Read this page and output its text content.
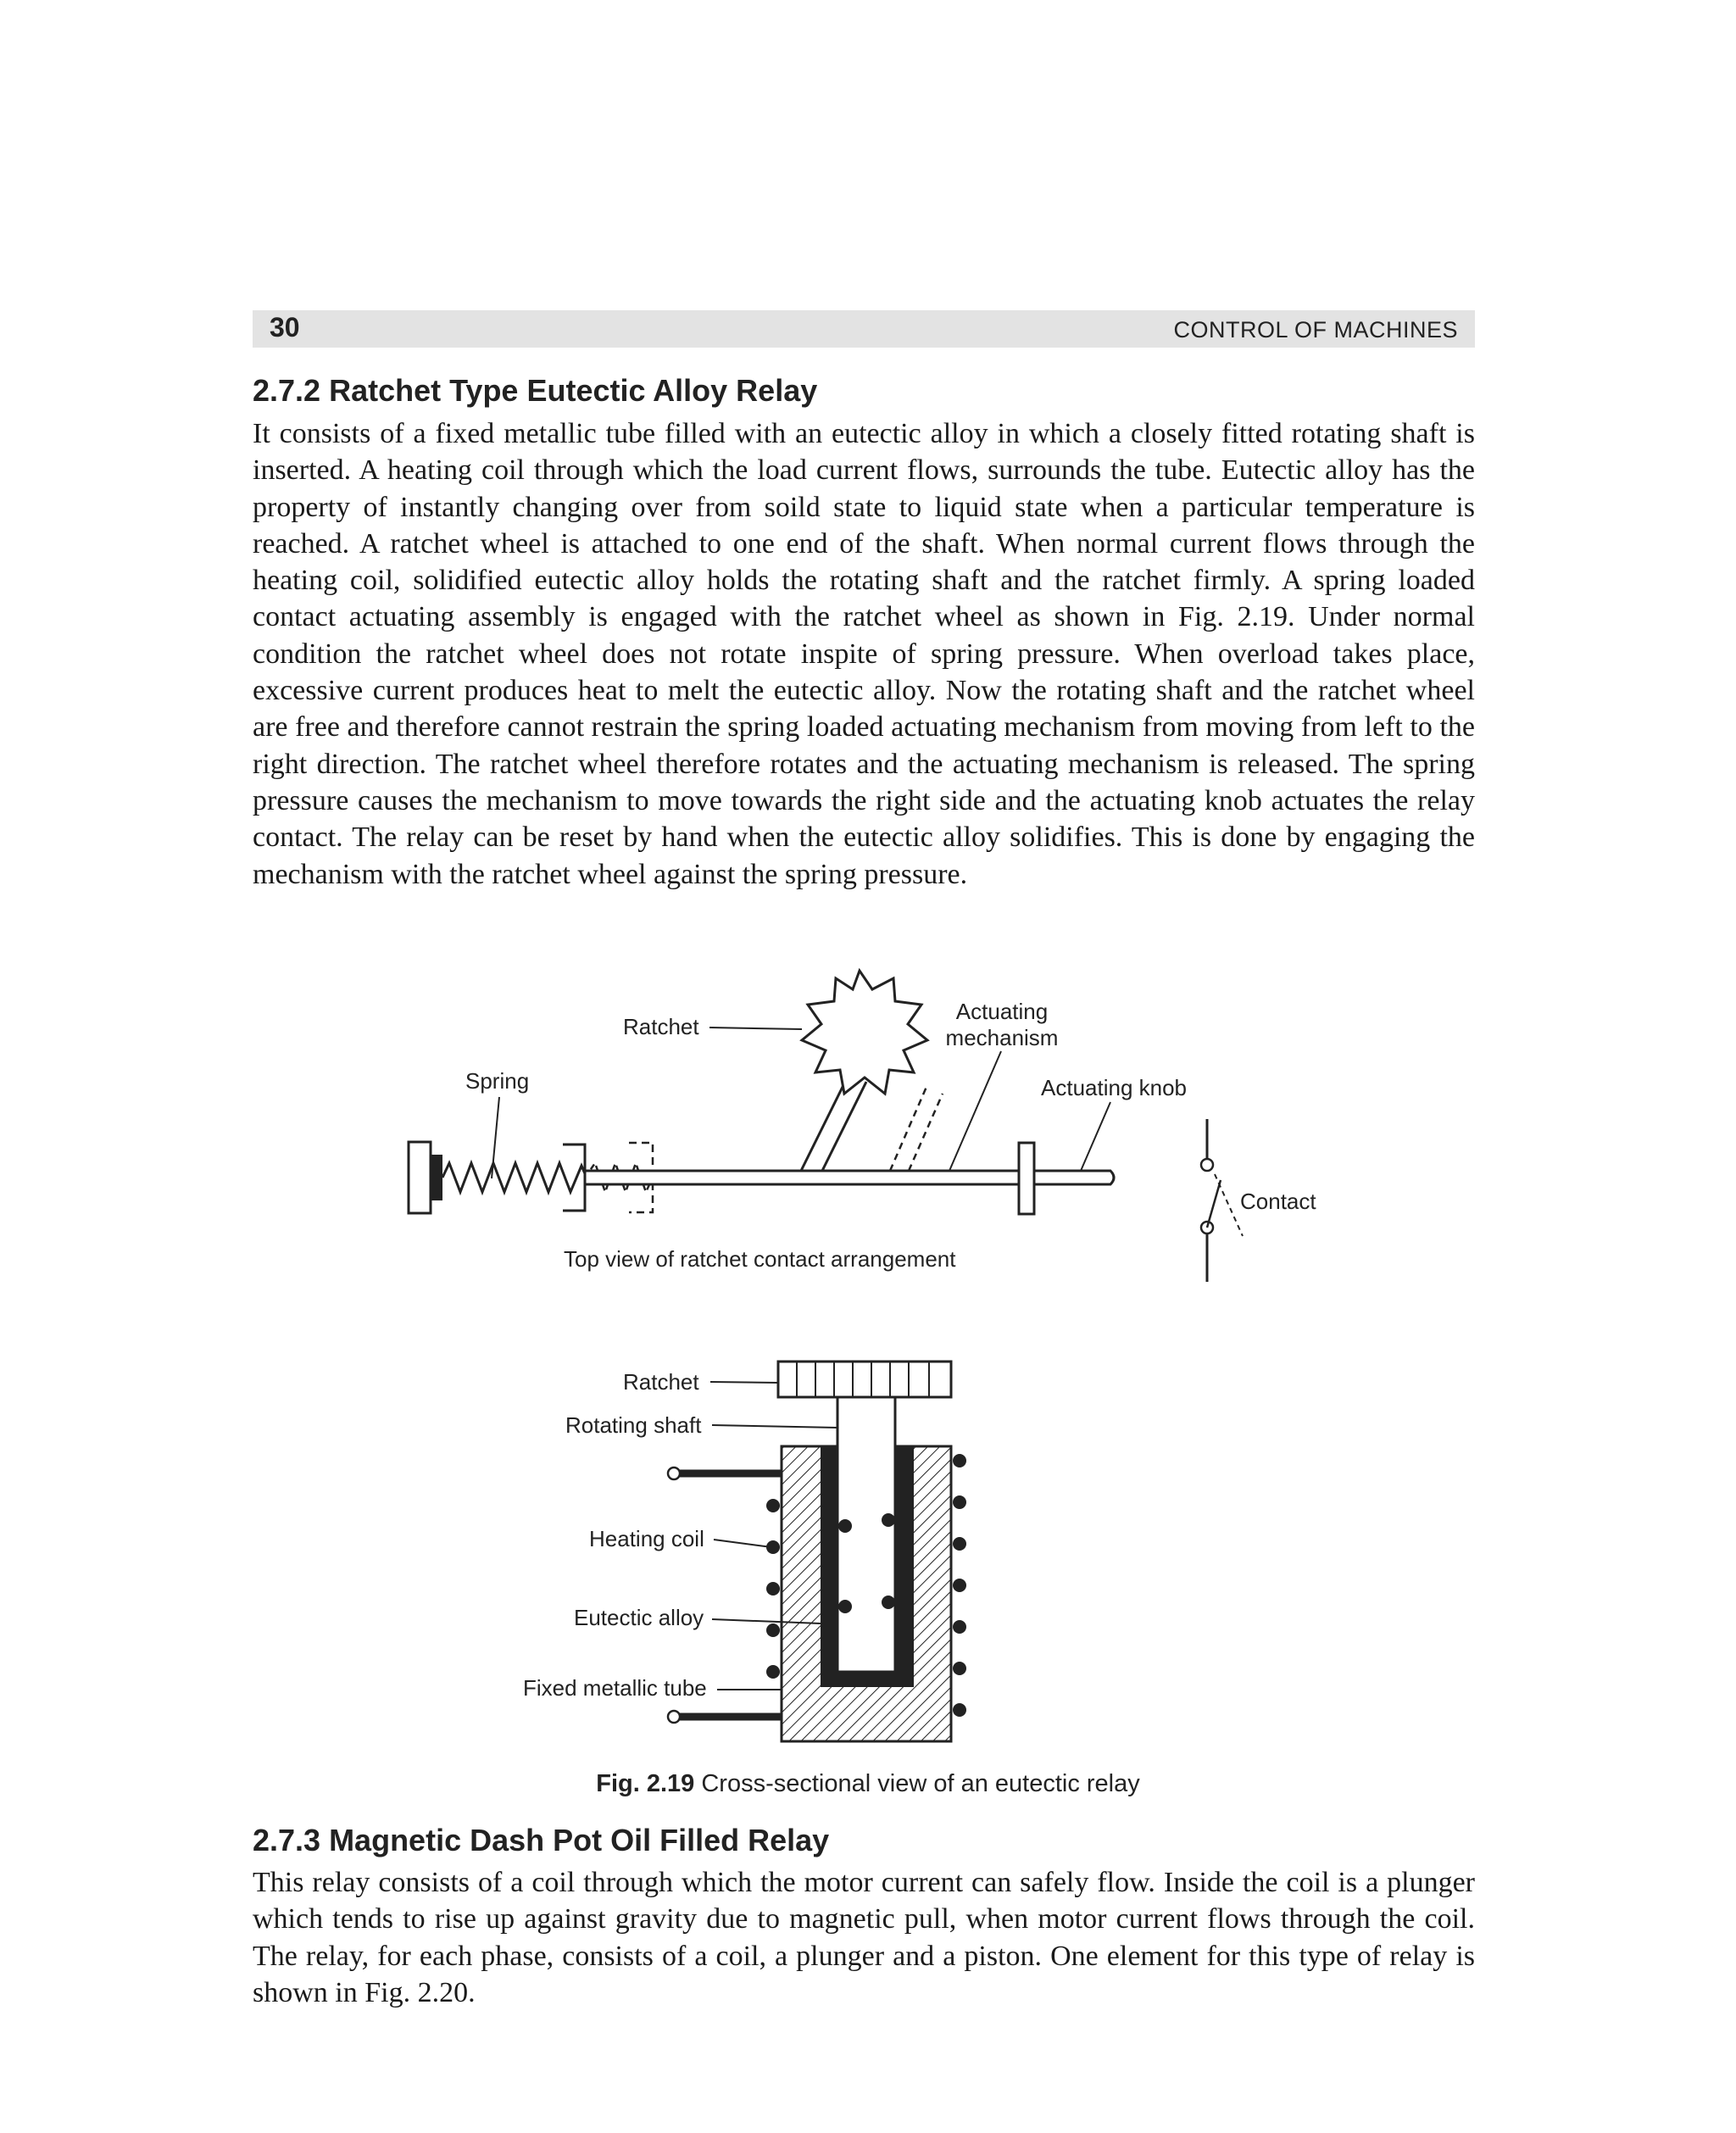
30	CONTROL OF MACHINES
2.7.2 Ratchet Type Eutectic Alloy Relay

It consists of a fixed metallic tube filled with an eutectic alloy in which a closely fitted rotating shaft is inserted. A heating coil through which the load current flows, surrounds the tube. Eutectic alloy has the property of instantly changing over from soild state to liquid state when a particular temperature is reached. A ratchet wheel is attached to one end of the shaft. When normal current flows through the heating coil, solidified eutectic alloy holds the rotating shaft and the ratchet firmly. A spring loaded contact actuating assembly is engaged with the ratchet wheel as shown in Fig. 2.19. Under normal condition the ratchet wheel does not rotate inspite of spring pressure. When overload takes place, excessive current produces heat to melt the eutectic alloy. Now the rotating shaft and the ratchet wheel are free and therefore cannot restrain the spring loaded actuating mechanism from moving from left to the right direction. The ratchet wheel therefore rotates and the actuating mechanism is released. The spring pressure causes the mechanism to move towards the right side and the actuating knob actuates the relay contact. The relay can be reset by hand when the eutectic alloy solidifies. This is done by engaging the mechanism with the ratchet wheel against the spring pressure.

Ratchet
Actuating
mechanism
Spring	Actuating knob
Contact
Top view of ratchet contact arrangement
Ratchet
Rotating shaft
Heating coil
Eutectic alloy
Fixed metallic tube
Fig. 2.19 Cross-sectional view of an eutectic relay
2.7.3 Magnetic Dash Pot Oil Filled Relay

This relay consists of a coil through which the motor current can safely flow. Inside the coil is a plunger which tends to rise up against gravity due to magnetic pull, when motor current flows through the coil. The relay, for each phase, consists of a coil, a plunger and a piston. One element for this type of relay is shown in Fig. 2.20.
